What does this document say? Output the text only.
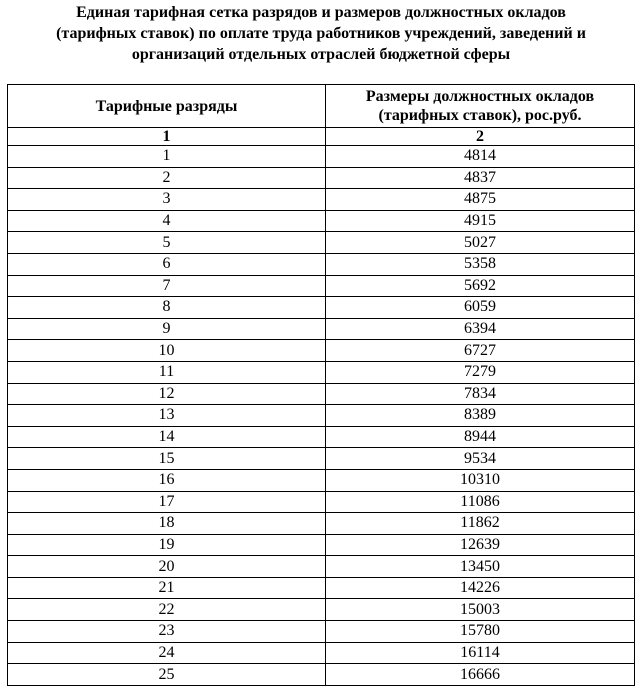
Единая тарифная сетка разрядов и размеров должностных окладов
(тарифных ставок) по оплате труда работников учреждений, заведений и
организаций отдельных отраслей бюджетной сферы
Тарифные разряды	Размеры должностных окладов
(тарифных ставок), рос.руб.
1	2
1	4814
2	4837
3	4875
4	4915
5	5027
6	5358
7	5692
8	6059
9	6394
10	6727
11	7279
12	7834
13	8389
14	8944
15	9534
16	10310
17	11086
18	11862
19	12639
20	13450
21	14226
22	15003
23	15780
24	16114
25	16666
